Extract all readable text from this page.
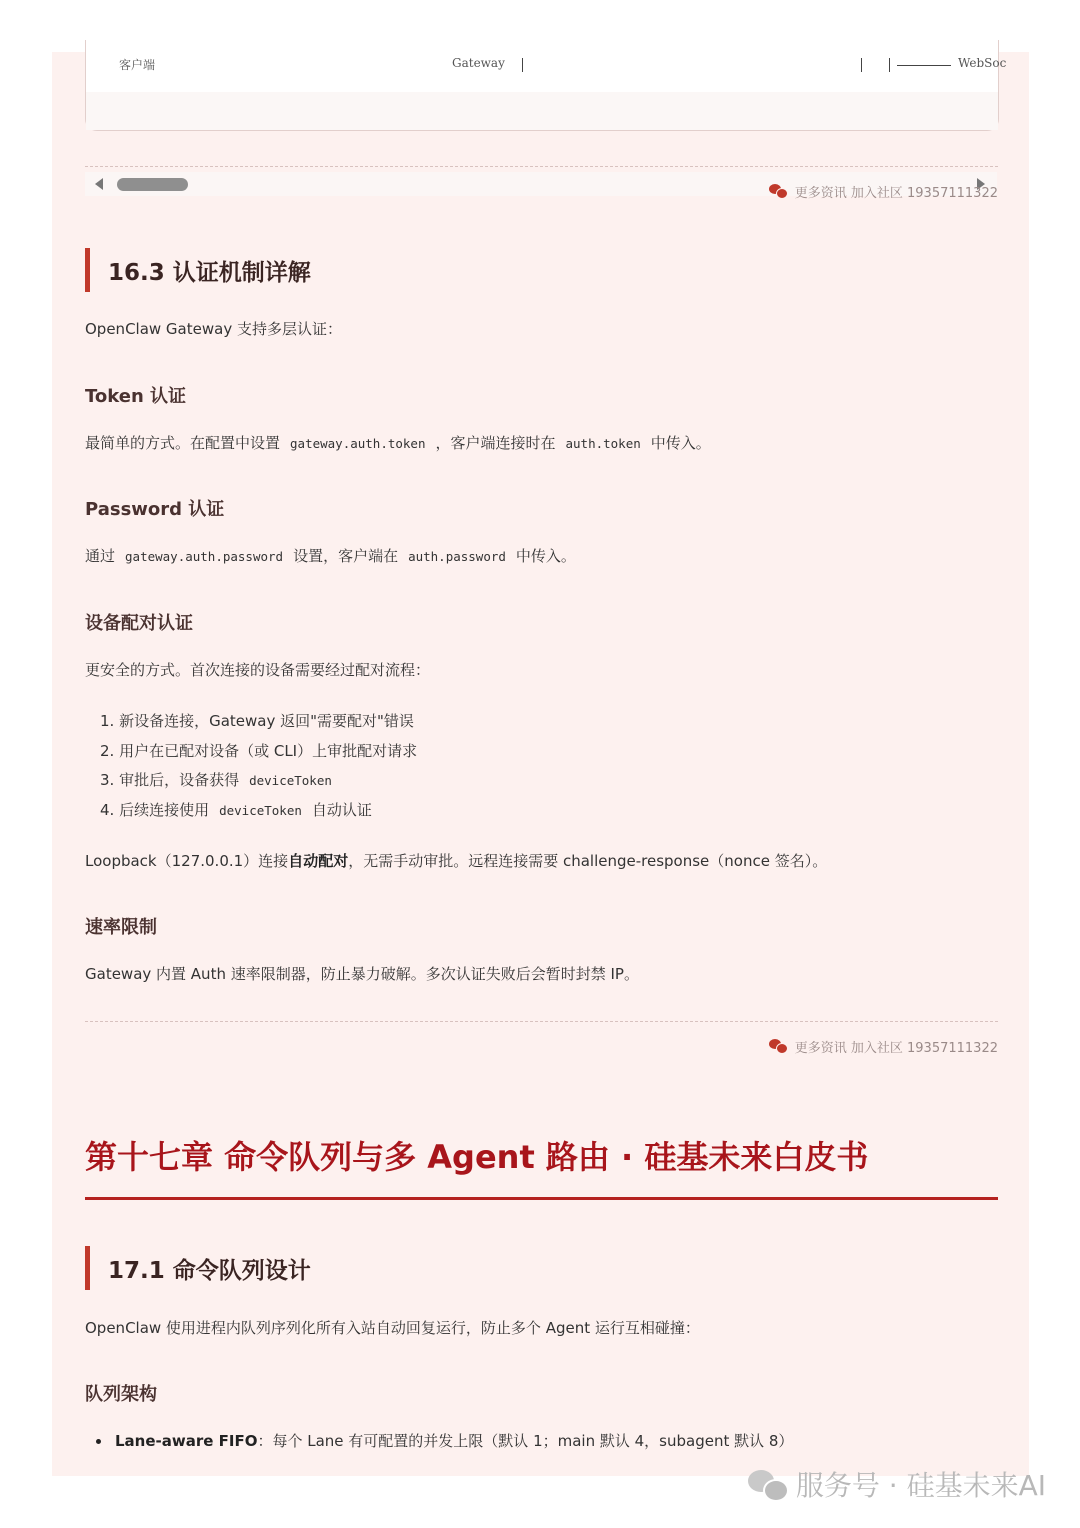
客户端	Gateway	WebSoc
更多资讯 加入社区 19357111322
16.3 认证机制详解
OpenClaw Gateway 支持多层认证：
Token 认证
最简单的方式。在配置中设置 gateway.auth.token ，客户端连接时在 auth.token 中传入。
Password 认证
通过 gateway.auth.password 设置，客户端在 auth.password 中传入。
设备配对认证
更安全的方式。首次连接的设备需要经过配对流程：
1. 新设备连接，Gateway 返回"需要配对"错误
2. 用户在已配对设备（或 CLI）上审批配对请求
3. 审批后，设备获得 deviceToken
4. 后续连接使用 deviceToken 自动认证
Loopback（127.0.0.1）连接自动配对，无需手动审批。远程连接需要 challenge-response（nonce 签名）。
速率限制
Gateway 内置 Auth 速率限制器，防止暴力破解。多次认证失败后会暂时封禁 IP。
更多资讯 加入社区 19357111322
第十七章 命令队列与多 Agent 路由 · 硅基未来白皮书
17.1 命令队列设计
OpenClaw 使用进程内队列序列化所有入站自动回复运行，防止多个 Agent 运行互相碰撞：
队列架构
Lane-aware FIFO：每个 Lane 有可配置的并发上限（默认 1；main 默认 4，subagent 默认 8）
服务号 · 硅基未来AI
